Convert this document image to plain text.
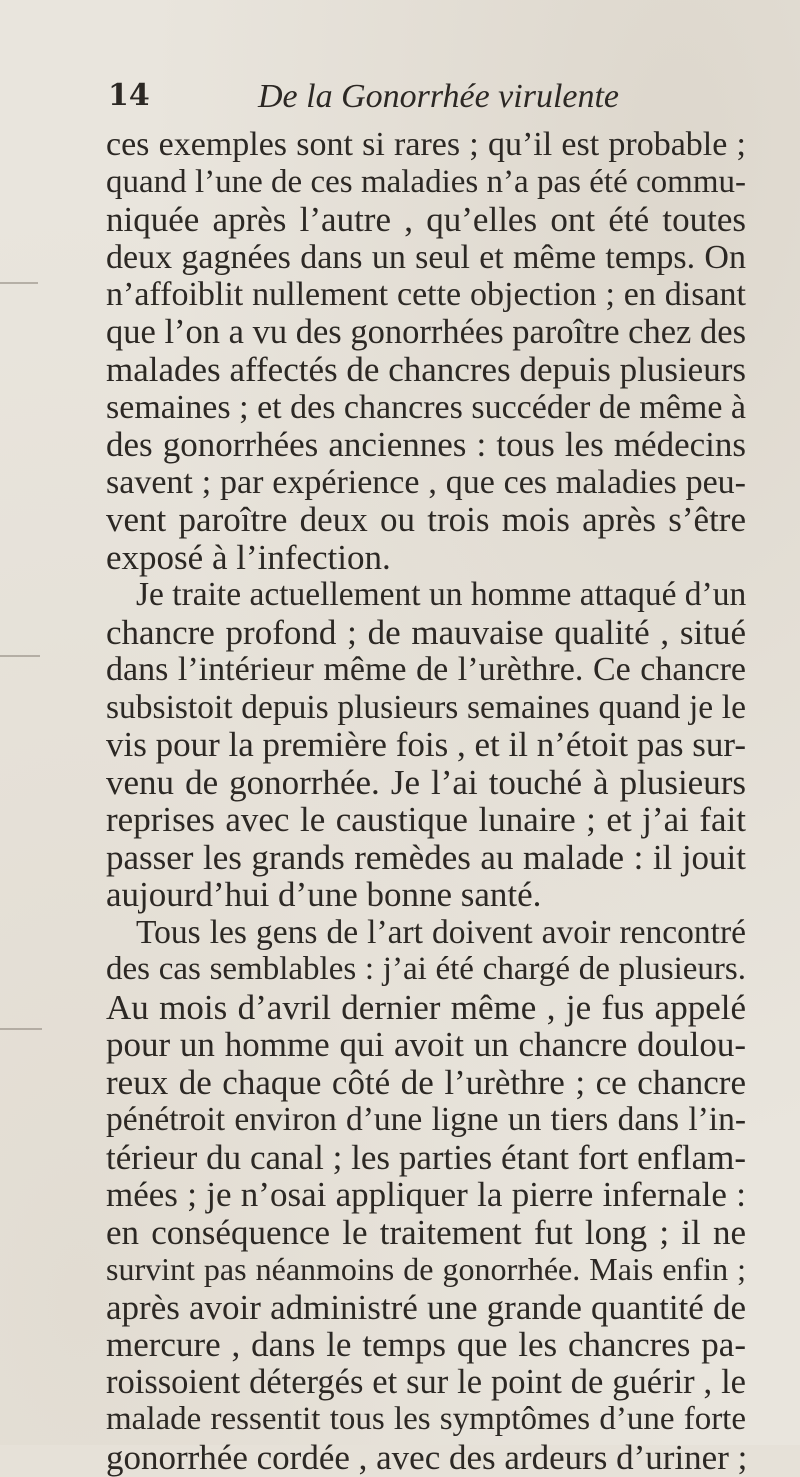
14	De la Gonorrhée virulente
ces exemples sont si rares ; qu’il est probable ;
quand l’une de ces maladies n’a pas été commu-
niquée après l’autre , qu’elles ont été toutes
deux gagnées dans un seul et même temps. On
n’affoiblit nullement cette objection ; en disant
que l’on a vu des gonorrhées paroître chez des
malades affectés de chancres depuis plusieurs
semaines ; et des chancres succéder de même à
des gonorrhées anciennes : tous les médecins
savent ; par expérience , que ces maladies peu-
vent paroître deux ou trois mois après s’être
exposé à l’infection.
Je traite actuellement un homme attaqué d’un
chancre profond ; de mauvaise qualité , situé
dans l’intérieur même de l’urèthre. Ce chancre
subsistoit depuis plusieurs semaines quand je le
vis pour la première fois , et il n’étoit pas sur-
venu de gonorrhée. Je l’ai touché à plusieurs
reprises avec le caustique lunaire ; et j’ai fait
passer les grands remèdes au malade : il jouit
aujourd’hui d’une bonne santé.
Tous les gens de l’art doivent avoir rencontré
des cas semblables : j’ai été chargé de plusieurs.
Au mois d’avril dernier même , je fus appelé
pour un homme qui avoit un chancre doulou-
reux de chaque côté de l’urèthre ; ce chancre
pénétroit environ d’une ligne un tiers dans l’in-
térieur du canal ; les parties étant fort enflam-
mées ; je n’osai appliquer la pierre infernale :
en conséquence le traitement fut long ; il ne
survint pas néanmoins de gonorrhée. Mais enfin ;
après avoir administré une grande quantité de
mercure , dans le temps que les chancres pa-
roissoient détergés et sur le point de guérir , le
malade ressentit tous les symptômes d’une forte
gonorrhée cordée , avec des ardeurs d’uriner ;
